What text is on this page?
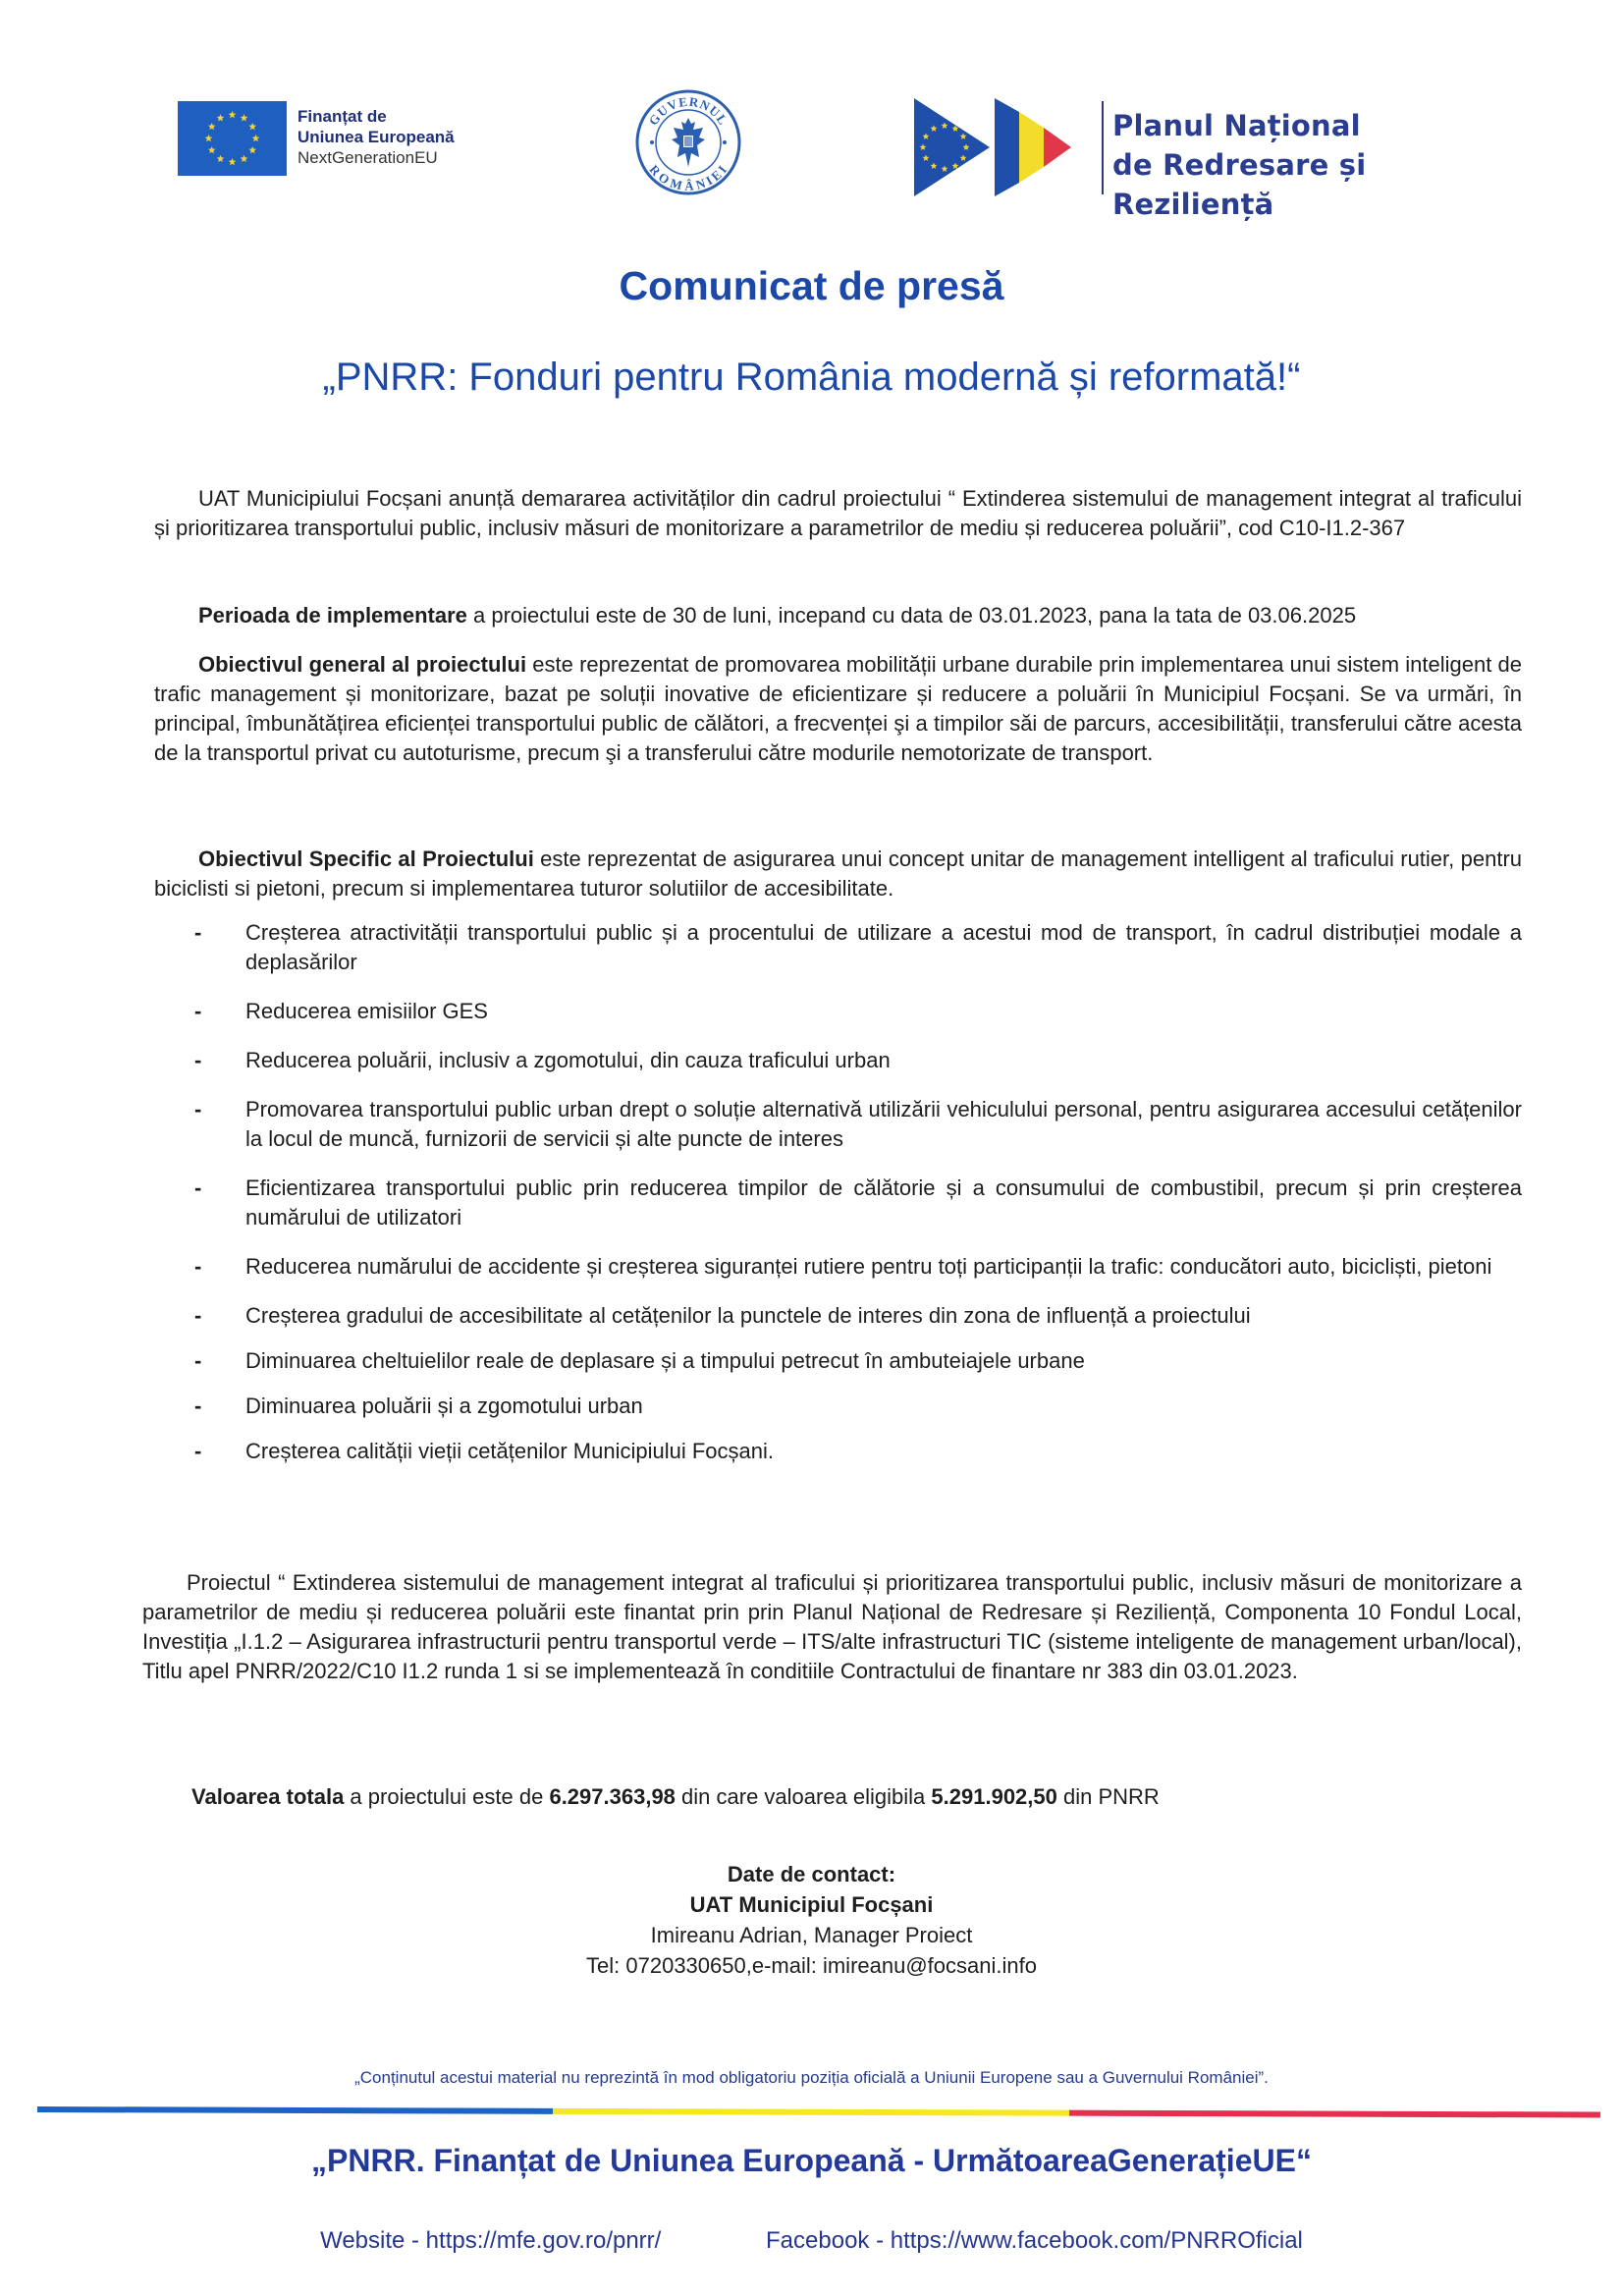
Finanțat de
Uniunea Europeană
NextGenerationEU
GUVERNUL
ROMÂNIEI
Planul Național
de Redresare și Reziliență
Comunicat de presă
„PNRR: Fonduri pentru România modernă și reformată!“

UAT Municipiului Focșani anunță demararea activităților din cadrul proiectului “ Extinderea sistemului de management integrat al traficului și prioritizarea transportului public, inclusiv măsuri de monitorizare a parametrilor de mediu și reducerea poluării”, cod C10-I1.2-367

Perioada de implementare a proiectului este de 30 de luni, incepand cu data de 03.01.2023, pana la tata de 03.06.2025

Obiectivul general al proiectului este reprezentat de promovarea mobilității urbane durabile prin implementarea unui sistem inteligent de trafic management și monitorizare, bazat pe soluții inovative de eficientizare și reducere a poluării în Municipiul Focșani. Se va urmări, în principal, îmbunătățirea eficienței transportului public de călători, a frecvenței şi a timpilor săi de parcurs, accesibilității, transferului către acesta de la transportul privat cu autoturisme, precum şi a transferului către modurile nemotorizate de transport.

Obiectivul Specific al Proiectului este reprezentat de asigurarea unui concept unitar de management intelligent al traficului rutier, pentru biciclisti si pietoni, precum si implementarea tuturor solutiilor de accesibilitate.

- Creșterea atractivității transportului public și a procentului de utilizare a acestui mod de transport, în cadrul distribuției modale a deplasărilor
- Reducerea emisiilor GES
- Reducerea poluării, inclusiv a zgomotului, din cauza traficului urban
- Promovarea transportului public urban drept o soluție alternativă utilizării vehiculului personal, pentru asigurarea accesului cetățenilor la locul de muncă, furnizorii de servicii și alte puncte de interes
- Eficientizarea transportului public prin reducerea timpilor de călătorie și a consumului de combustibil, precum și prin creșterea numărului de utilizatori
- Reducerea numărului de accidente și creșterea siguranței rutiere pentru toți participanții la trafic: conducători auto, bicicliști, pietoni
- Creșterea gradului de accesibilitate al cetățenilor la punctele de interes din zona de influență a proiectului
- Diminuarea cheltuielilor reale de deplasare și a timpului petrecut în ambuteiajele urbane
- Diminuarea poluării și a zgomotului urban
- Creșterea calității vieții cetățenilor Municipiului Focșani.

Proiectul “ Extinderea sistemului de management integrat al traficului și prioritizarea transportului public, inclusiv măsuri de monitorizare a parametrilor de mediu și reducerea poluării este finantat prin prin Planul Național de Redresare și Reziliență, Componenta 10 Fondul Local, Investiția „I.1.2 – Asigurarea infrastructurii pentru transportul verde – ITS/alte infrastructuri TIC (sisteme inteligente de management urban/local), Titlu apel PNRR/2022/C10 I1.2 runda 1 si se implementează în conditiile Contractului de finantare nr 383 din 03.01.2023.

Valoarea totala a proiectului este de 6.297.363,98 din care valoarea eligibila 5.291.902,50 din PNRR

Date de contact:
UAT Municipiul Focșani
Imireanu Adrian, Manager Proiect
Tel: 0720330650,e-mail: imireanu@focsani.info
„Conținutul acestui material nu reprezintă în mod obligatoriu poziția oficială a Uniunii Europene sau a Guvernului României”.
„PNRR. Finanțat de Uniunea Europeană - UrmătoareaGenerațieUE“
Website - https://mfe.gov.ro/pnrr/	Facebook - https://www.facebook.com/PNRROficial
